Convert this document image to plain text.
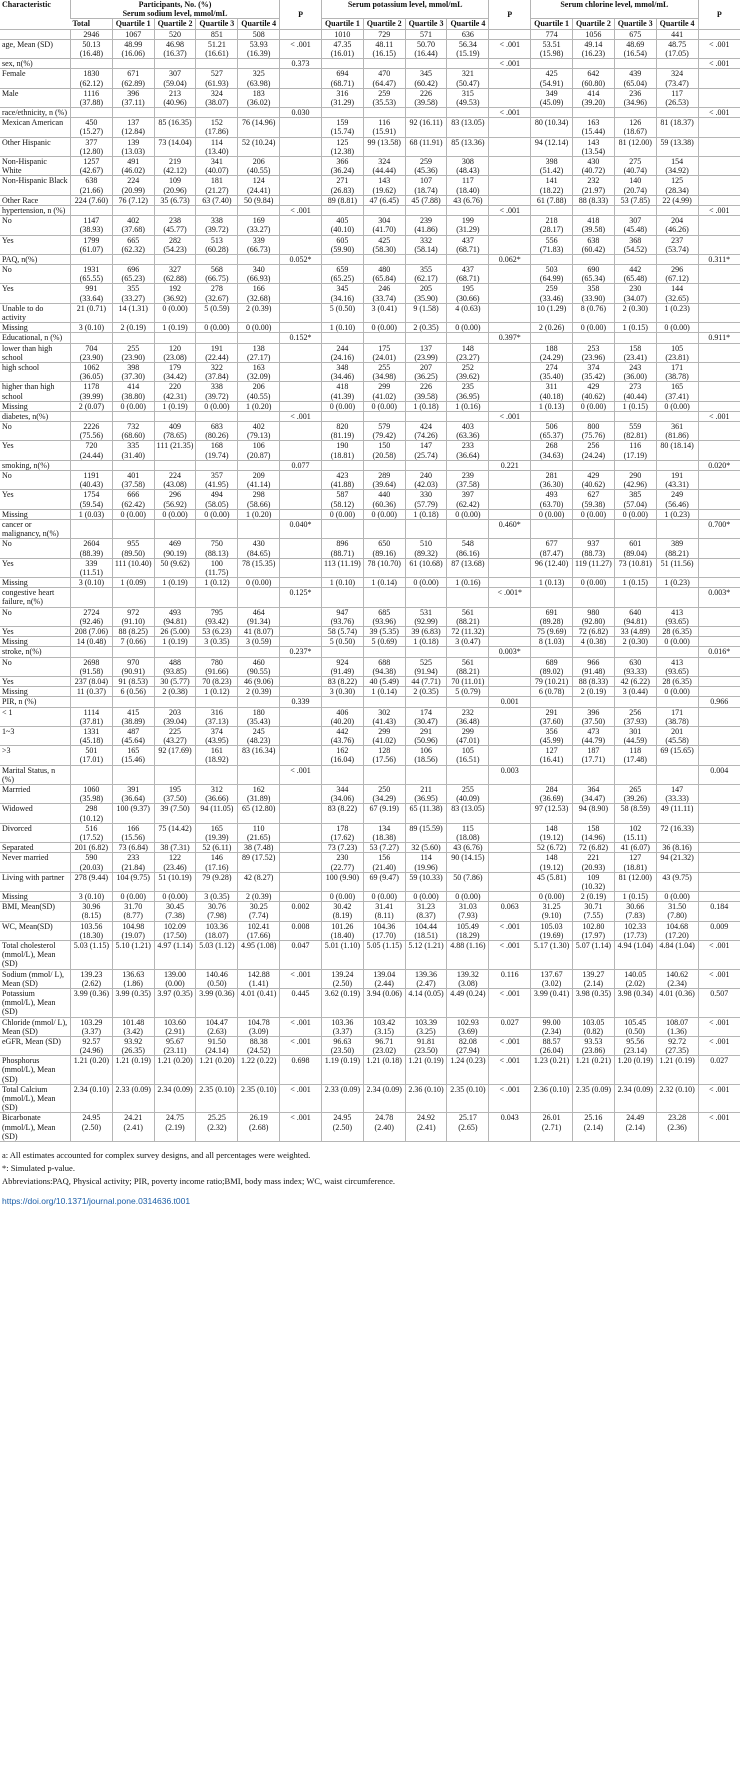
Characteristic	Participants, No. (%)
Serum sodium level, mmol/mL					P	Serum potassium level, mmol/mL				P	Serum chlorine level, mmol/mL				P
	Total	Quartile 1	Quartile 2	Quartile 3	Quartile 4		Quartile 1	Quartile 2	Quartile 3	Quartile 4		Quartile 1	Quartile 2	Quartile 3	Quartile 4	
	2946	1067	520	851	508		1010	729	571	636		774	1056	675	441	
age, Mean (SD)	50.13 (16.48)	48.99 (16.06)	46.98 (16.37)	51.21 (16.61)	53.93 (16.39)	< .001	47.35 (16.01)	48.11 (16.15)	50.70 (16.44)	56.34 (15.19)	< .001	53.51 (15.98)	49.14 (16.23)	48.69 (16.54)	48.75 (17.05)	< .001
sex, n(%)						0.373					< .001					< .001
Female	1830 (62.12)	671 (62.89)	307 (59.04)	527 (61.93)	325 (63.98)		694 (68.71)	470 (64.47)	345 (60.42)	321 (50.47)		425 (54.91)	642 (60.80)	439 (65.04)	324 (73.47)	
Male	1116 (37.88)	396 (37.11)	213 (40.96)	324 (38.07)	183 (36.02)		316 (31.29)	259 (35.53)	226 (39.58)	315 (49.53)		349 (45.09)	414 (39.20)	236 (34.96)	117 (26.53)	
race/ethnicity, n (%)						0.030					< .001					< .001
Mexican American	450 (15.27)	137 (12.84)	85 (16.35)	152 (17.86)	76 (14.96)		159 (15.74)	116 (15.91)	92 (16.11)	83 (13.05)		80 (10.34)	163 (15.44)	126 (18.67)	81 (18.37)	
Other Hispanic	377 (12.80)	139 (13.03)	73 (14.04)	114 (13.40)	52 (10.24)		125 (12.38)	99 (13.58)	68 (11.91)	85 (13.36)		94 (12.14)	143 (13.54)	81 (12.00)	59 (13.38)	
Non-Hispanic White	1257 (42.67)	491 (46.02)	219 (42.12)	341 (40.07)	206 (40.55)		366 (36.24)	324 (44.44)	259 (45.36)	308 (48.43)		398 (51.42)	430 (40.72)	275 (40.74)	154 (34.92)	
Non-Hispanic Black	638 (21.66)	224 (20.99)	109 (20.96)	181 (21.27)	124 (24.41)		271 (26.83)	143 (19.62)	107 (18.74)	117 (18.40)		141 (18.22)	232 (21.97)	140 (20.74)	125 (28.34)	
Other Race	224 (7.60)	76 (7.12)	35 (6.73)	63 (7.40)	50 (9.84)		89 (8.81)	47 (6.45)	45 (7.88)	43 (6.76)		61 (7.88)	88 (8.33)	53 (7.85)	22 (4.99)	
hypertension, n (%)						< .001					< .001					< .001
No	1147 (38.93)	402 (37.68)	238 (45.77)	338 (39.72)	169 (33.27)		405 (40.10)	304 (41.70)	239 (41.86)	199 (31.29)		218 (28.17)	418 (39.58)	307 (45.48)	204 (46.26)	
Yes	1799 (61.07)	665 (62.32)	282 (54.23)	513 (60.28)	339 (66.73)		605 (59.90)	425 (58.30)	332 (58.14)	437 (68.71)		556 (71.83)	638 (60.42)	368 (54.52)	237 (53.74)	
PAQ, n(%)						0.052*					0.062*					0.311*
No	1931 (65.55)	696 (65.23)	327 (62.88)	568 (66.75)	340 (66.93)		659 (65.25)	480 (65.84)	355 (62.17)	437 (68.71)		503 (64.99)	690 (65.34)	442 (65.48)	296 (67.12)	
Yes	991 (33.64)	355 (33.27)	192 (36.92)	278 (32.67)	166 (32.68)		345 (34.16)	246 (33.74)	205 (35.90)	195 (30.66)		259 (33.46)	358 (33.90)	230 (34.07)	144 (32.65)	
Unable to do activity	21 (0.71)	14 (1.31)	0 (0.00)	5 (0.59)	2 (0.39)		5 (0.50)	3 (0.41)	9 (1.58)	4 (0.63)		10 (1.29)	8 (0.76)	2 (0.30)	1 (0.23)	
Missing	3 (0.10)	2 (0.19)	1 (0.19)	0 (0.00)	0 (0.00)		1 (0.10)	0 (0.00)	2 (0.35)	0 (0.00)		2 (0.26)	0 (0.00)	1 (0.15)	0 (0.00)	
Educational, n (%)						0.152*					0.397*					0.911*
lower than high school	704 (23.90)	255 (23.90)	120 (23.08)	191 (22.44)	138 (27.17)		244 (24.16)	175 (24.01)	137 (23.99)	148 (23.27)		188 (24.29)	253 (23.96)	158 (23.41)	105 (23.81)	
high school	1062 (36.05)	398 (37.30)	179 (34.42)	322 (37.84)	163 (32.09)		348 (34.46)	255 (34.98)	207 (36.25)	252 (39.62)		274 (35.40)	374 (35.42)	243 (36.00)	171 (38.78)	
higher than high school	1178 (39.99)	414 (38.80)	220 (42.31)	338 (39.72)	206 (40.55)		418 (41.39)	299 (41.02)	226 (39.58)	235 (36.95)		311 (40.18)	429 (40.62)	273 (40.44)	165 (37.41)	
Missing	2 (0.07)	0 (0.00)	1 (0.19)	0 (0.00)	1 (0.20)		0 (0.00)	0 (0.00)	1 (0.18)	1 (0.16)		1 (0.13)	0 (0.00)	1 (0.15)	0 (0.00)	
diabetes, n(%)						< .001					< .001					< .001
No	2226 (75.56)	732 (68.60)	409 (78.65)	683 (80.26)	402 (79.13)		820 (81.19)	579 (79.42)	424 (74.26)	403 (63.36)		506 (65.37)	800 (75.76)	559 (82.81)	361 (81.86)	
Yes	720 (24.44)	335 (31.40)	111 (21.35)	168 (19.74)	106 (20.87)		190 (18.81)	150 (20.58)	147 (25.74)	233 (36.64)		268 (34.63)	256 (24.24)	116 (17.19)	80 (18.14)	
smoking, n(%)						0.077					0.221					0.020*
No	1191 (40.43)	401 (37.58)	224 (43.08)	357 (41.95)	209 (41.14)		423 (41.88)	289 (39.64)	240 (42.03)	239 (37.58)		281 (36.30)	429 (40.62)	290 (42.96)	191 (43.31)	
Yes	1754 (59.54)	666 (62.42)	296 (56.92)	494 (58.05)	298 (58.66)		587 (58.12)	440 (60.36)	330 (57.79)	397 (62.42)		493 (63.70)	627 (59.38)	385 (57.04)	249 (56.46)	
Missing	1 (0.03)	0 (0.00)	0 (0.00)	0 (0.00)	1 (0.20)		0 (0.00)	0 (0.00)	1 (0.18)	0 (0.00)		0 (0.00)	0 (0.00)	0 (0.00)	1 (0.23)	
cancer or malignancy, n(%)						0.040*					0.460*					0.700*
No	2604 (88.39)	955 (89.50)	469 (90.19)	750 (88.13)	430 (84.65)		896 (88.71)	650 (89.16)	510 (89.32)	548 (86.16)		677 (87.47)	937 (88.73)	601 (89.04)	389 (88.21)	
Yes	339 (11.51)	111 (10.40)	50 (9.62)	100 (11.75)	78 (15.35)		113 (11.19)	78 (10.70)	61 (10.68)	87 (13.68)		96 (12.40)	119 (11.27)	73 (10.81)	51 (11.56)	
Missing	3 (0.10)	1 (0.09)	1 (0.19)	1 (0.12)	0 (0.00)		1 (0.10)	1 (0.14)	0 (0.00)	1 (0.16)		1 (0.13)	0 (0.00)	1 (0.15)	1 (0.23)	
congestive heart failure, n(%)						0.125*					< .001*					0.003*
No	2724 (92.46)	972 (91.10)	493 (94.81)	795 (93.42)	464 (91.34)		947 (93.76)	685 (93.96)	531 (92.99)	561 (88.21)		691 (89.28)	980 (92.80)	640 (94.81)	413 (93.65)	
Yes	208 (7.06)	88 (8.25)	26 (5.00)	53 (6.23)	41 (8.07)		58 (5.74)	39 (5.35)	39 (6.83)	72 (11.32)		75 (9.69)	72 (6.82)	33 (4.89)	28 (6.35)	
Missing	14 (0.48)	7 (0.66)	1 (0.19)	3 (0.35)	3 (0.59)		5 (0.50)	5 (0.69)	1 (0.18)	3 (0.47)		8 (1.03)	4 (0.38)	2 (0.30)	0 (0.00)	
stroke, n(%)						0.237*					0.003*					0.016*
No	2698 (91.58)	970 (90.91)	488 (93.85)	780 (91.66)	460 (90.55)		924 (91.49)	688 (94.38)	525 (91.94)	561 (88.21)		689 (89.02)	966 (91.48)	630 (93.33)	413 (93.65)	
Yes	237 (8.04)	91 (8.53)	30 (5.77)	70 (8.23)	46 (9.06)		83 (8.22)	40 (5.49)	44 (7.71)	70 (11.01)		79 (10.21)	88 (8.33)	42 (6.22)	28 (6.35)	
Missing	11 (0.37)	6 (0.56)	2 (0.38)	1 (0.12)	2 (0.39)		3 (0.30)	1 (0.14)	2 (0.35)	5 (0.79)		6 (0.78)	2 (0.19)	3 (0.44)	0 (0.00)	
PIR, n (%)						0.339					0.001					0.966
< 1	1114 (37.81)	415 (38.89)	203 (39.04)	316 (37.13)	180 (35.43)		406 (40.20)	302 (41.43)	174 (30.47)	232 (36.48)		291 (37.60)	396 (37.50)	256 (37.93)	171 (38.78)	
1~3	1331 (45.18)	487 (45.64)	225 (43.27)	374 (43.95)	245 (48.23)		442 (43.76)	299 (41.02)	291 (50.96)	299 (47.01)		356 (45.99)	473 (44.79)	301 (44.59)	201 (45.58)	
>3	501 (17.01)	165 (15.46)	92 (17.69)	161 (18.92)	83 (16.34)		162 (16.04)	128 (17.56)	106 (18.56)	105 (16.51)		127 (16.41)	187 (17.71)	118 (17.48)	69 (15.65)	
Marital Status, n (%)						< .001					0.003					0.004
Marrried	1060 (35.98)	391 (36.64)	195 (37.50)	312 (36.66)	162 (31.89)		344 (34.06)	250 (34.29)	211 (36.95)	255 (40.09)		284 (36.69)	364 (34.47)	265 (39.26)	147 (33.33)	
Widowed	298 (10.12)	100 (9.37)	39 (7.50)	94 (11.05)	65 (12.80)		83 (8.22)	67 (9.19)	65 (11.38)	83 (13.05)		97 (12.53)	94 (8.90)	58 (8.59)	49 (11.11)	
Divorced	516 (17.52)	166 (15.56)	75 (14.42)	165 (19.39)	110 (21.65)		178 (17.62)	134 (18.38)	89 (15.59)	115 (18.08)		148 (19.12)	158 (14.96)	102 (15.11)	72 (16.33)	
Separated	201 (6.82)	73 (6.84)	38 (7.31)	52 (6.11)	38 (7.48)		73 (7.23)	53 (7.27)	32 (5.60)	43 (6.76)		52 (6.72)	72 (6.82)	41 (6.07)	36 (8.16)	
Never married	590 (20.03)	233 (21.84)	122 (23.46)	146 (17.16)	89 (17.52)		230 (22.77)	156 (21.40)	114 (19.96)	90 (14.15)		148 (19.12)	221 (20.93)	127 (18.81)	94 (21.32)	
Living with partner	278 (9.44)	104 (9.75)	51 (10.19)	79 (9.28)	42 (8.27)		100 (9.90)	69 (9.47)	59 (10.33)	50 (7.86)		45 (5.81)	109 (10.32)	81 (12.00)	43 (9.75)	
Missing	3 (0.10)	0 (0.00)	0 (0.00)	3 (0.35)	2 (0.39)		0 (0.00)	0 (0.00)	0 (0.00)	0 (0.00)		0 (0.00)	2 (0.19)	1 (0.15)	0 (0.00)	
BMI, Mean(SD)	30.96 (8.15)	31.70 (8.77)	30.45 (7.38)	30.76 (7.98)	30.25 (7.74)	0.002	30.42 (8.19)	31.41 (8.11)	31.23 (8.37)	31.03 (7.93)	0.063	31.25 (9.10)	30.71 (7.55)	30.66 (7.83)	31.50 (7.80)	0.184
WC, Mean(SD)	103.56 (18.30)	104.98 (19.07)	102.09 (17.50)	103.36 (18.07)	102.41 (17.66)	0.008	101.26 (18.40)	104.36 (17.70)	104.44 (18.51)	105.49 (18.29)	< .001	105.03 (19.69)	102.80 (17.97)	102.33 (17.73)	104.68 (17.20)	0.009
Total cholesterol (mmol/L), Mean (SD)	5.03 (1.15)	5.10 (1.21)	4.97 (1.14)	5.03 (1.12)	4.95 (1.08)	0.047	5.01 (1.10)	5.05 (1.15)	5.12 (1.21)	4.88 (1.16)	< .001	5.17 (1.30)	5.07 (1.14)	4.94 (1.04)	4.84 (1.04)	< .001
Sodium (mmol/ L), Mean (SD)	139.23 (2.62)	136.63 (1.86)	139.00 (0.00)	140.46 (0.50)	142.88 (1.41)	< .001	139.24 (2.50)	139.04 (2.44)	139.36 (2.47)	139.32 (3.08)	0.116	137.67 (3.02)	139.27 (2.14)	140.05 (2.02)	140.62 (2.34)	< .001
Potassium (mmol/L), Mean (SD)	3.99 (0.36)	3.99 (0.35)	3.97 (0.35)	3.99 (0.36)	4.01 (0.41)	0.445	3.62 (0.19)	3.94 (0.06)	4.14 (0.05)	4.49 (0.24)	< .001	3.99 (0.41)	3.98 (0.35)	3.98 (0.34)	4.01 (0.36)	0.507
Chloride (mmol/ L), Mean (SD)	103.29 (3.37)	101.48 (3.42)	103.60 (2.91)	104.47 (2.63)	104.78 (3.09)	< .001	103.36 (3.37)	103.42 (3.15)	103.39 (3.25)	102.93 (3.69)	0.027	99.00 (2.34)	103.05 (0.82)	105.45 (0.50)	108.07 (1.36)	< .001
eGFR, Mean (SD)	92.57 (24.96)	93.92 (26.35)	95.67 (23.11)	91.50 (24.14)	88.38 (24.52)	< .001	96.63 (23.50)	96.71 (23.02)	91.81 (23.50)	82.08 (27.94)	< .001	88.57 (26.04)	93.53 (23.86)	95.56 (23.14)	92.72 (27.35)	< .001
Phosphorus (mmol/L), Mean (SD)	1.21 (0.20)	1.21 (0.19)	1.21 (0.20)	1.21 (0.20)	1.22 (0.22)	0.698	1.19 (0.19)	1.21 (0.18)	1.21 (0.19)	1.24 (0.23)	< .001	1.23 (0.21)	1.21 (0.21)	1.20 (0.19)	1.21 (0.19)	0.027
Total Calcium (mmol/L), Mean (SD)	2.34 (0.10)	2.33 (0.09)	2.34 (0.09)	2.35 (0.10)	2.35 (0.10)	< .001	2.33 (0.09)	2.34 (0.09)	2.36 (0.10)	2.35 (0.10)	< .001	2.36 (0.10)	2.35 (0.09)	2.34 (0.09)	2.32 (0.10)	< .001
Bicarbonate (mmol/L), Mean (SD)	24.95 (2.50)	24.21 (2.41)	24.75 (2.19)	25.25 (2.32)	26.19 (2.68)	< .001	24.95 (2.50)	24.78 (2.40)	24.92 (2.41)	25.17 (2.65)	0.043	26.01 (2.71)	25.16 (2.14)	24.49 (2.14)	23.28 (2.36)	< .001
a: All estimates accounted for complex survey designs, and all percentages were weighted.
*: Simulated p-value.
Abbreviations:PAQ, Physical activity; PIR, poverty income ratio;BMI, body mass index; WC, waist circumference.
https://doi.org/10.1371/journal.pone.0314636.t001
